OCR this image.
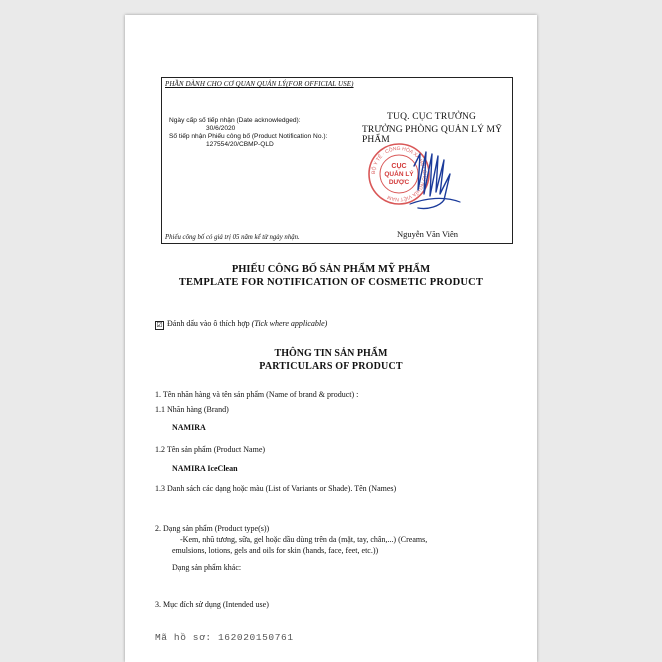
PHẦN DÀNH CHO CƠ QUAN QUẢN LÝ(FOR OFFICIAL USE)
Ngày cấp số tiếp nhận (Date acknowledged):
30/6/2020
Số tiếp nhận Phiếu công bố (Product Notification No.):
127554/20/CBMP-QLD
TUQ. CỤC TRƯỞNG
TRƯỞNG PHÒNG QUẢN LÝ MỸ PHẨM
BỘ Y TẾ · CỘNG HÒA XÃ HỘI CHỦ NGHĨA VIỆT NAM
CỤC
QUẢN LÝ
DƯỢC
Nguyễn Văn Viên
Phiếu công bố có giá trị 05 năm kể từ ngày nhận.
PHIẾU CÔNG BỐ SẢN PHẨM MỸ PHẨM
TEMPLATE FOR NOTIFICATION OF COSMETIC PRODUCT
☑ Đánh dấu vào ô thích hợp (Tick where applicable)
THÔNG TIN SẢN PHẨM
PARTICULARS OF PRODUCT
1. Tên nhãn hàng và tên sản phẩm (Name of brand & product) :
1.1 Nhãn hàng (Brand)
NAMIRA
1.2 Tên sản phẩm (Product Name)
NAMIRA IceClean
1.3 Danh sách các dạng hoặc màu (List of Variants or Shade). Tên (Names)
2. Dạng sản phẩm (Product type(s))
-Kem, nhũ tương, sữa, gel hoặc dầu dùng trên da (mặt, tay, chân,...) (Creams,
emulsions, lotions, gels and oils for skin (hands, face, feet, etc.))
Dạng sản phẩm khác:
3. Mục đích sử dụng (Intended use)
Mã hồ sơ: 162020150761
